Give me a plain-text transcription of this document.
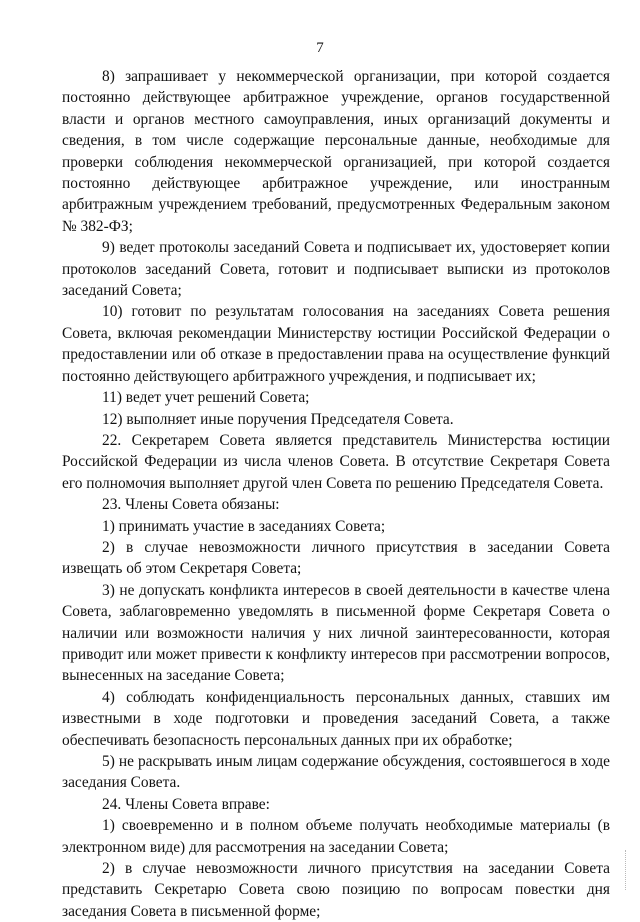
7

8) запрашивает у некоммерческой организации, при которой создается постоянно действующее арбитражное учреждение, органов государственной власти и органов местного самоуправления, иных организаций документы и сведения, в том числе содержащие персональные данные, необходимые для проверки соблюдения некоммерческой организацией, при которой создается постоянно действующее арбитражное учреждение, или иностранным арбитражным учреждением требований, предусмотренных Федеральным законом № 382-ФЗ;

9) ведет протоколы заседаний Совета и подписывает их, удостоверяет копии протоколов заседаний Совета, готовит и подписывает выписки из протоколов заседаний Совета;

10) готовит по результатам голосования на заседаниях Совета решения Совета, включая рекомендации Министерству юстиции Российской Федерации о предоставлении или об отказе в предоставлении права на осуществление функций постоянно действующего арбитражного учреждения, и подписывает их;

11) ведет учет решений Совета;

12) выполняет иные поручения Председателя Совета.

22. Секретарем Совета является представитель Министерства юстиции Российской Федерации из числа членов Совета. В отсутствие Секретаря Совета его полномочия выполняет другой член Совета по решению Председателя Совета.

23. Члены Совета обязаны:

1) принимать участие в заседаниях Совета;

2) в случае невозможности личного присутствия в заседании Совета извещать об этом Секретаря Совета;

3) не допускать конфликта интересов в своей деятельности в качестве члена Совета, заблаговременно уведомлять в письменной форме Секретаря Совета о наличии или возможности наличия у них личной заинтересованности, которая приводит или может привести к конфликту интересов при рассмотрении вопросов, вынесенных на заседание Совета;

4) соблюдать конфиденциальность персональных данных, ставших им известными в ходе подготовки и проведения заседаний Совета, а также обеспечивать безопасность персональных данных при их обработке;

5) не раскрывать иным лицам содержание обсуждения, состоявшегося в ходе заседания Совета.

24. Члены Совета вправе:

1) своевременно и в полном объеме получать необходимые материалы (в электронном виде) для рассмотрения на заседании Совета;

2) в случае невозможности личного присутствия на заседании Совета представить Секретарю Совета свою позицию по вопросам повестки дня заседания Совета в письменной форме;
